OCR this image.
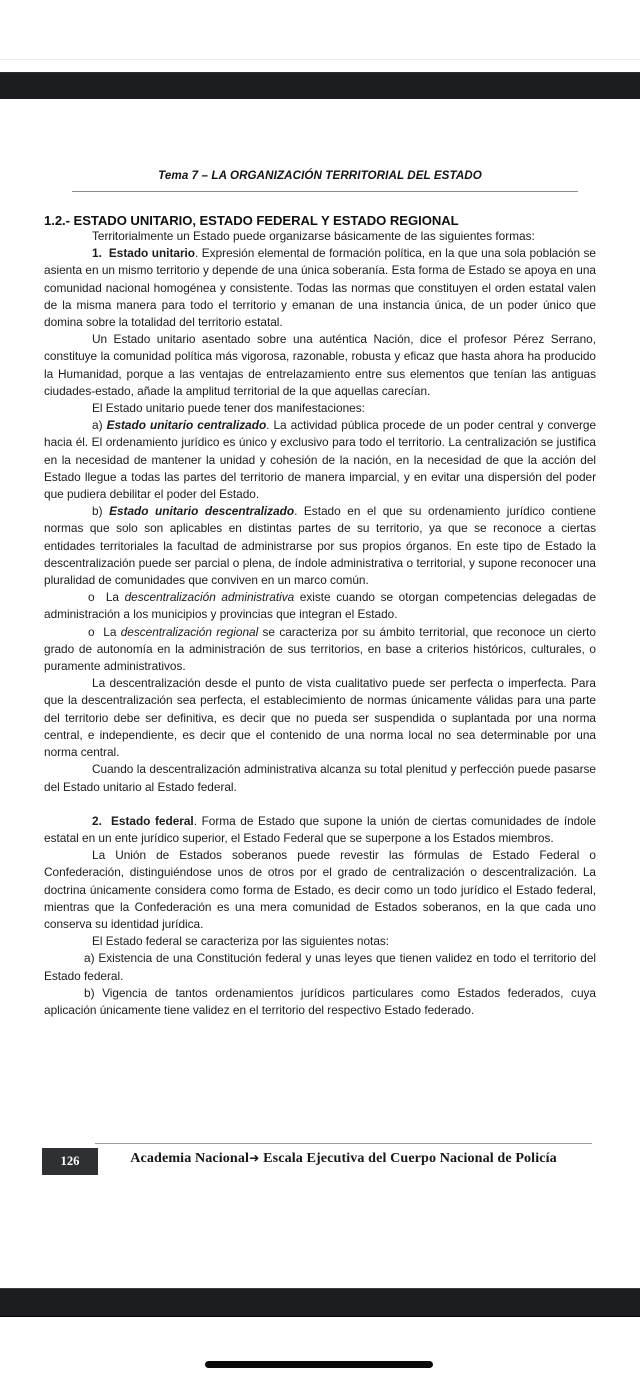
Tema 7 – LA ORGANIZACIÓN TERRITORIAL DEL ESTADO
1.2.- ESTADO UNITARIO, ESTADO FEDERAL Y ESTADO REGIONAL

Territorialmente un Estado puede organizarse básicamente de las siguientes formas:

1. Estado unitario. Expresión elemental de formación política, en la que una sola población se asienta en un mismo territorio y depende de una única soberanía. Esta forma de Estado se apoya en una comunidad nacional homogénea y consistente. Todas las normas que constituyen el orden estatal valen de la misma manera para todo el territorio y emanan de una instancia única, de un poder único que domina sobre la totalidad del territorio estatal.

Un Estado unitario asentado sobre una auténtica Nación, dice el profesor Pérez Serrano, constituye la comunidad política más vigorosa, razonable, robusta y eficaz que hasta ahora ha producido la Humanidad, porque a las ventajas de entrelazamiento entre sus elementos que tenían las antiguas ciudades-estado, añade la amplitud territorial de la que aquellas carecían.

El Estado unitario puede tener dos manifestaciones:

a) Estado unitario centralizado. La actividad pública procede de un poder central y converge hacia él. El ordenamiento jurídico es único y exclusivo para todo el territorio. La centralización se justifica en la necesidad de mantener la unidad y cohesión de la nación, en la necesidad de que la acción del Estado llegue a todas las partes del territorio de manera imparcial, y en evitar una dispersión del poder que pudiera debilitar el poder del Estado.

b) Estado unitario descentralizado. Estado en el que su ordenamiento jurídico contiene normas que solo son aplicables en distintas partes de su territorio, ya que se reconoce a ciertas entidades territoriales la facultad de administrarse por sus propios órganos. En este tipo de Estado la descentralización puede ser parcial o plena, de índole administrativa o territorial, y supone reconocer una pluralidad de comunidades que conviven en un marco común.

o La descentralización administrativa existe cuando se otorgan competencias delegadas de administración a los municipios y provincias que integran el Estado.

o La descentralización regional se caracteriza por su ámbito territorial, que reconoce un cierto grado de autonomía en la administración de sus territorios, en base a criterios históricos, culturales, o puramente administrativos.

La descentralización desde el punto de vista cualitativo puede ser perfecta o imperfecta. Para que la descentralización sea perfecta, el establecimiento de normas únicamente válidas para una parte del territorio debe ser definitiva, es decir que no pueda ser suspendida o suplantada por una norma central, e independiente, es decir que el contenido de una norma local no sea determinable por una norma central.

Cuando la descentralización administrativa alcanza su total plenitud y perfección puede pasarse del Estado unitario al Estado federal.

2. Estado federal. Forma de Estado que supone la unión de ciertas comunidades de índole estatal en un ente jurídico superior, el Estado Federal que se superpone a los Estados miembros.

La Unión de Estados soberanos puede revestir las fórmulas de Estado Federal o Confederación, distinguiéndose unos de otros por el grado de centralización o descentralización. La doctrina únicamente considera como forma de Estado, es decir como un todo jurídico el Estado federal, mientras que la Confederación es una mera comunidad de Estados soberanos, en la que cada uno conserva su identidad jurídica.

El Estado federal se caracteriza por las siguientes notas:

a) Existencia de una Constitución federal y unas leyes que tienen validez en todo el territorio del Estado federal.

b) Vigencia de tantos ordenamientos jurídicos particulares como Estados federados, cuya aplicación únicamente tiene validez en el territorio del respectivo Estado federado.

126	Academia Nacional➜ Escala Ejecutiva del Cuerpo Nacional de Policía
